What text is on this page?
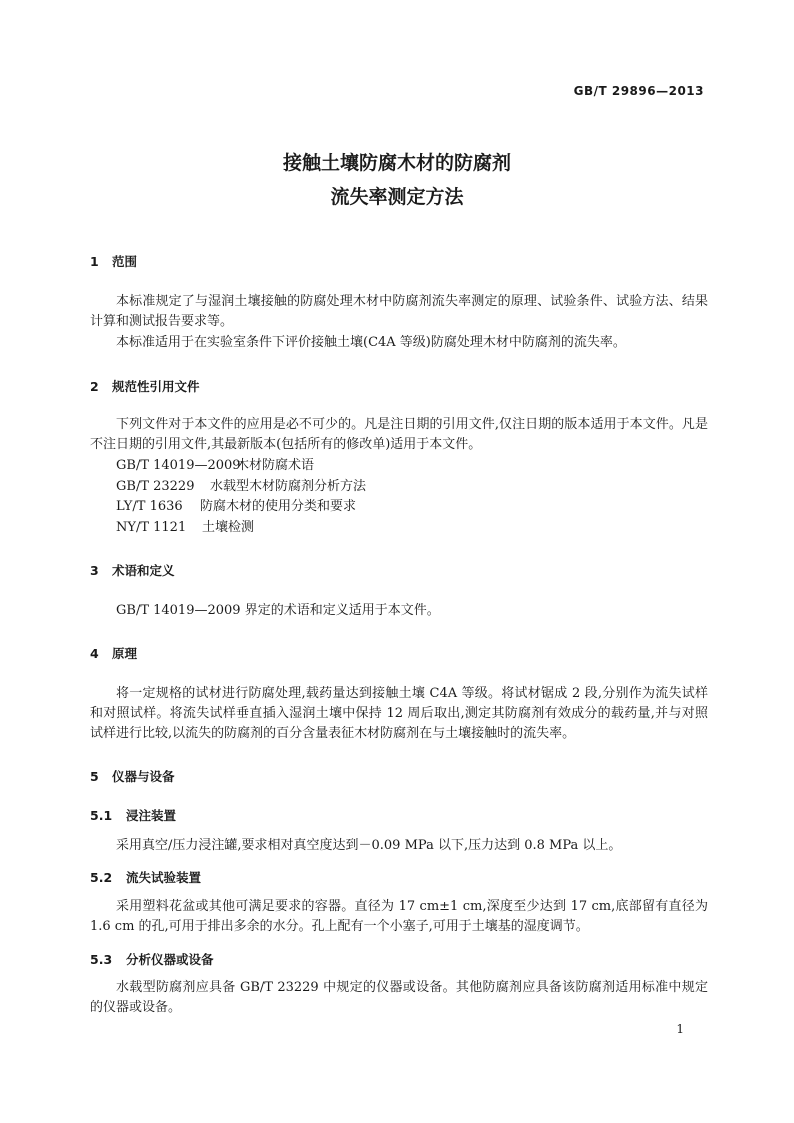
GB/T 29896—2013
接触土壤防腐木材的防腐剂
流失率测定方法
1 范围
本标准规定了与湿润土壤接触的防腐处理木材中防腐剂流失率测定的原理、试验条件、试验方法、结果计算和测试报告要求等。
本标准适用于在实验室条件下评价接触土壤(C4A 等级)防腐处理木材中防腐剂的流失率。
2 规范性引用文件
下列文件对于本文件的应用是必不可少的。凡是注日期的引用文件,仅注日期的版本适用于本文件。凡是不注日期的引用文件,其最新版本(包括所有的修改单)适用于本文件。
GB/T 14019—2009木材防腐术语
GB/T 23229 水载型木材防腐剂分析方法
LY/T 1636 防腐木材的使用分类和要求
NY/T 1121 土壤检测
3 术语和定义
GB/T 14019—2009 界定的术语和定义适用于本文件。
4 原理
将一定规格的试材进行防腐处理,载药量达到接触土壤 C4A 等级。将试材锯成 2 段,分别作为流失试样和对照试样。将流失试样垂直插入湿润土壤中保持 12 周后取出,测定其防腐剂有效成分的载药量,并与对照试样进行比较,以流失的防腐剂的百分含量表征木材防腐剂在与土壤接触时的流失率。
5 仪器与设备
5.1 浸注装置
采用真空/压力浸注罐,要求相对真空度达到－0.09 MPa 以下,压力达到 0.8 MPa 以上。
5.2 流失试验装置
采用塑料花盆或其他可满足要求的容器。直径为 17 cm±1 cm,深度至少达到 17 cm,底部留有直径为 1.6 cm 的孔,可用于排出多余的水分。孔上配有一个小塞子,可用于土壤基的湿度调节。
5.3 分析仪器或设备
水载型防腐剂应具备 GB/T 23229 中规定的仪器或设备。其他防腐剂应具备该防腐剂适用标准中规定的仪器或设备。
1
